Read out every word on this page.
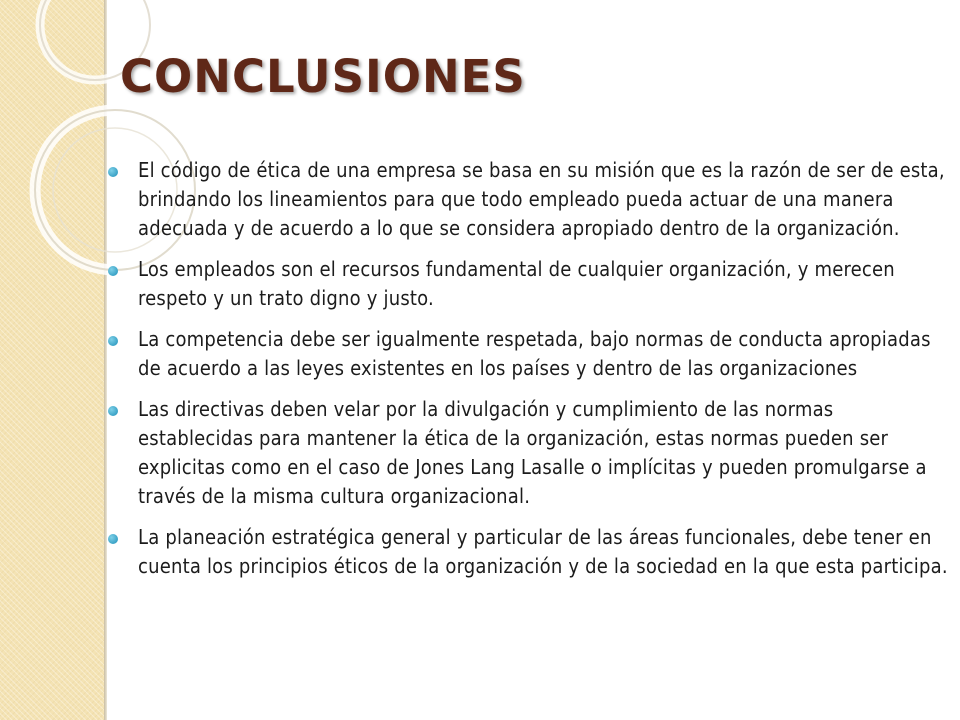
CONCLUSIONES
El código de ética de una empresa se basa en su misión que es la razón de ser de esta, brindando los lineamientos para que todo empleado pueda actuar de una manera adecuada y de acuerdo a lo que se considera apropiado dentro de la organización.
Los empleados son el recursos fundamental de cualquier organización, y merecen respeto y un trato digno y justo.
La competencia debe ser igualmente respetada, bajo normas de conducta apropiadas de acuerdo a las leyes existentes en los países y dentro de las organizaciones
Las directivas deben velar por la divulgación y cumplimiento de las normas establecidas para mantener la ética de la organización, estas normas pueden ser explicitas como en el caso de Jones Lang Lasalle o implícitas y pueden promulgarse a través de la misma cultura organizacional.
La planeación estratégica general y particular de las áreas funcionales, debe tener en cuenta los principios éticos de la organización y de la sociedad en la que esta participa.
